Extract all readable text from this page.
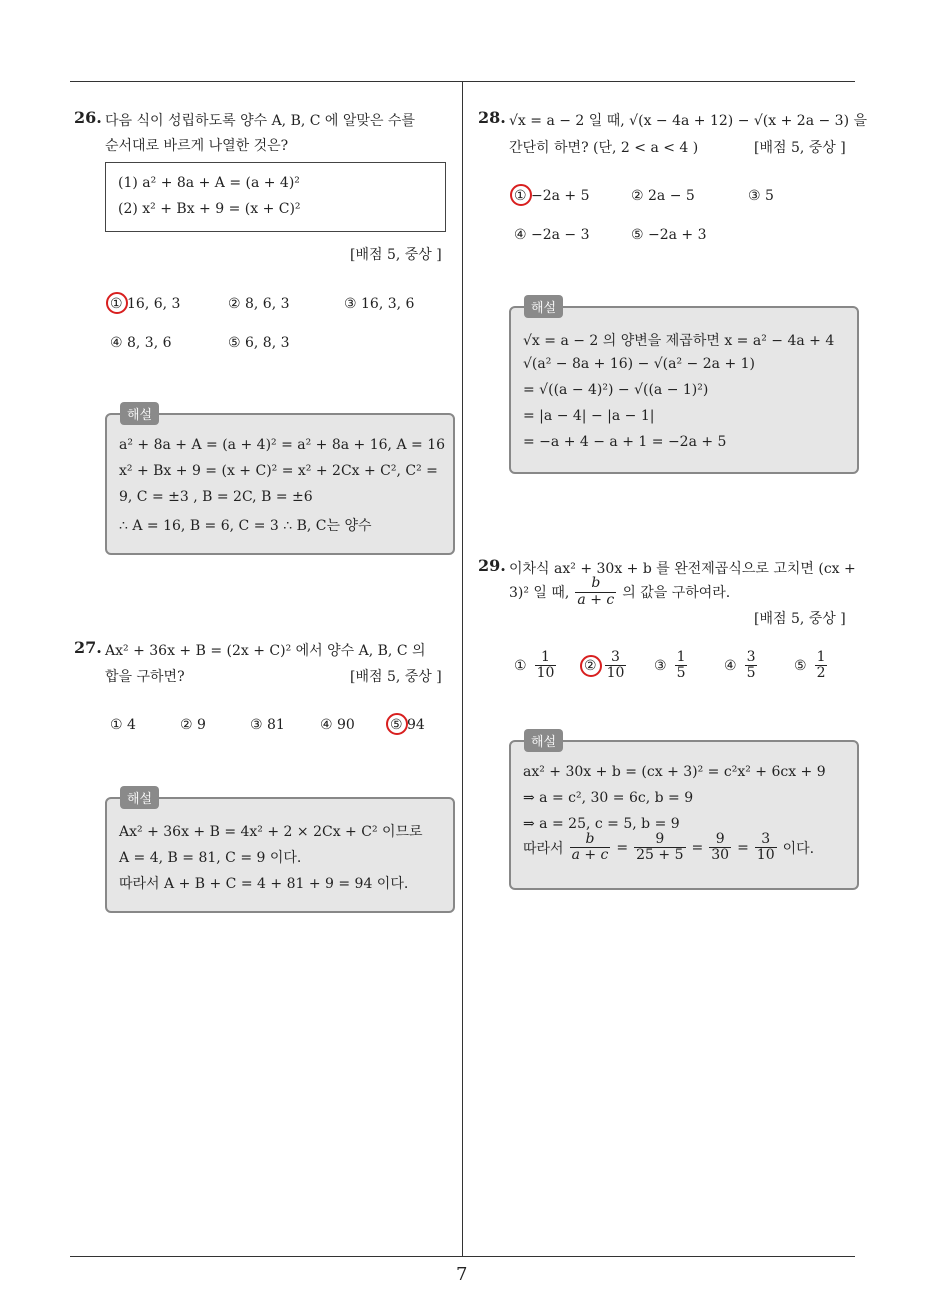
7
26. 다음 식이 성립하도록 양수 A, B, C 에 알맞은 수를
순서대로 바르게 나열한 것은?
(1) a² + 8a + A = (a + 4)²
(2) x² + Bx + 9 = (x + C)²
[배점 5, 중상 ]
① 16, 6, 3	② 8, 6, 3	③ 16, 3, 6
④ 8, 3, 6	⑤ 6, 8, 3
a² + 8a + A = (a + 4)² = a² + 8a + 16, A = 16
x² + Bx + 9 = (x + C)² = x² + 2Cx + C², C² =
9, C = ±3 , B = 2C, B = ±6
∴ A = 16, B = 6, C = 3 ∴ B, C는 양수
해설
27. Ax² + 36x + B = (2x + C)² 에서 양수 A, B, C 의
합을 구하면?	[배점 5, 중상 ]
① 4	② 9	③ 81	④ 90	⑤ 94
Ax² + 36x + B = 4x² + 2 × 2Cx + C² 이므로
A = 4, B = 81, C = 9 이다.
따라서 A + B + C = 4 + 81 + 9 = 94 이다.
해설
28. √x = a − 2 일 때, √(x − 4a + 12) − √(x + 2a − 3) 을
간단히 하면? (단, 2 < a < 4 )	[배점 5, 중상 ]
① −2a + 5	② 2a − 5	③ 5
④ −2a − 3	⑤ −2a + 3
√x = a − 2 의 양변을 제곱하면 x = a² − 4a + 4
√(a² − 8a + 16) − √(a² − 2a + 1)
= √((a − 4)²) − √((a − 1)²)
= |a − 4| − |a − 1|
= −a + 4 − a + 1 = −2a + 5
해설
29. 이차식 ax² + 30x + b 를 완전제곱식으로 고치면 (cx +
3)² 일 때, $\frac{b}{a + c}$ 의 값을 구하여라.
[배점 5, 중상 ]
① $\frac{1}{10}$ ② $\frac{3}{10}$ ③ $\frac{1}{5}$	④ $\frac{3}{5}$	⑤ $\frac{1}{2}$
ax² + 30x + b = (cx + 3)² = c²x² + 6cx + 9
⇒ a = c², 30 = 6c, b = 9
⇒ a = 25, c = 5, b = 9
따라서 $\frac{b}{a + c} = \frac{9}{25 + 5} = \frac{9}{30} = \frac{3}{10}$ 이다.
해설
